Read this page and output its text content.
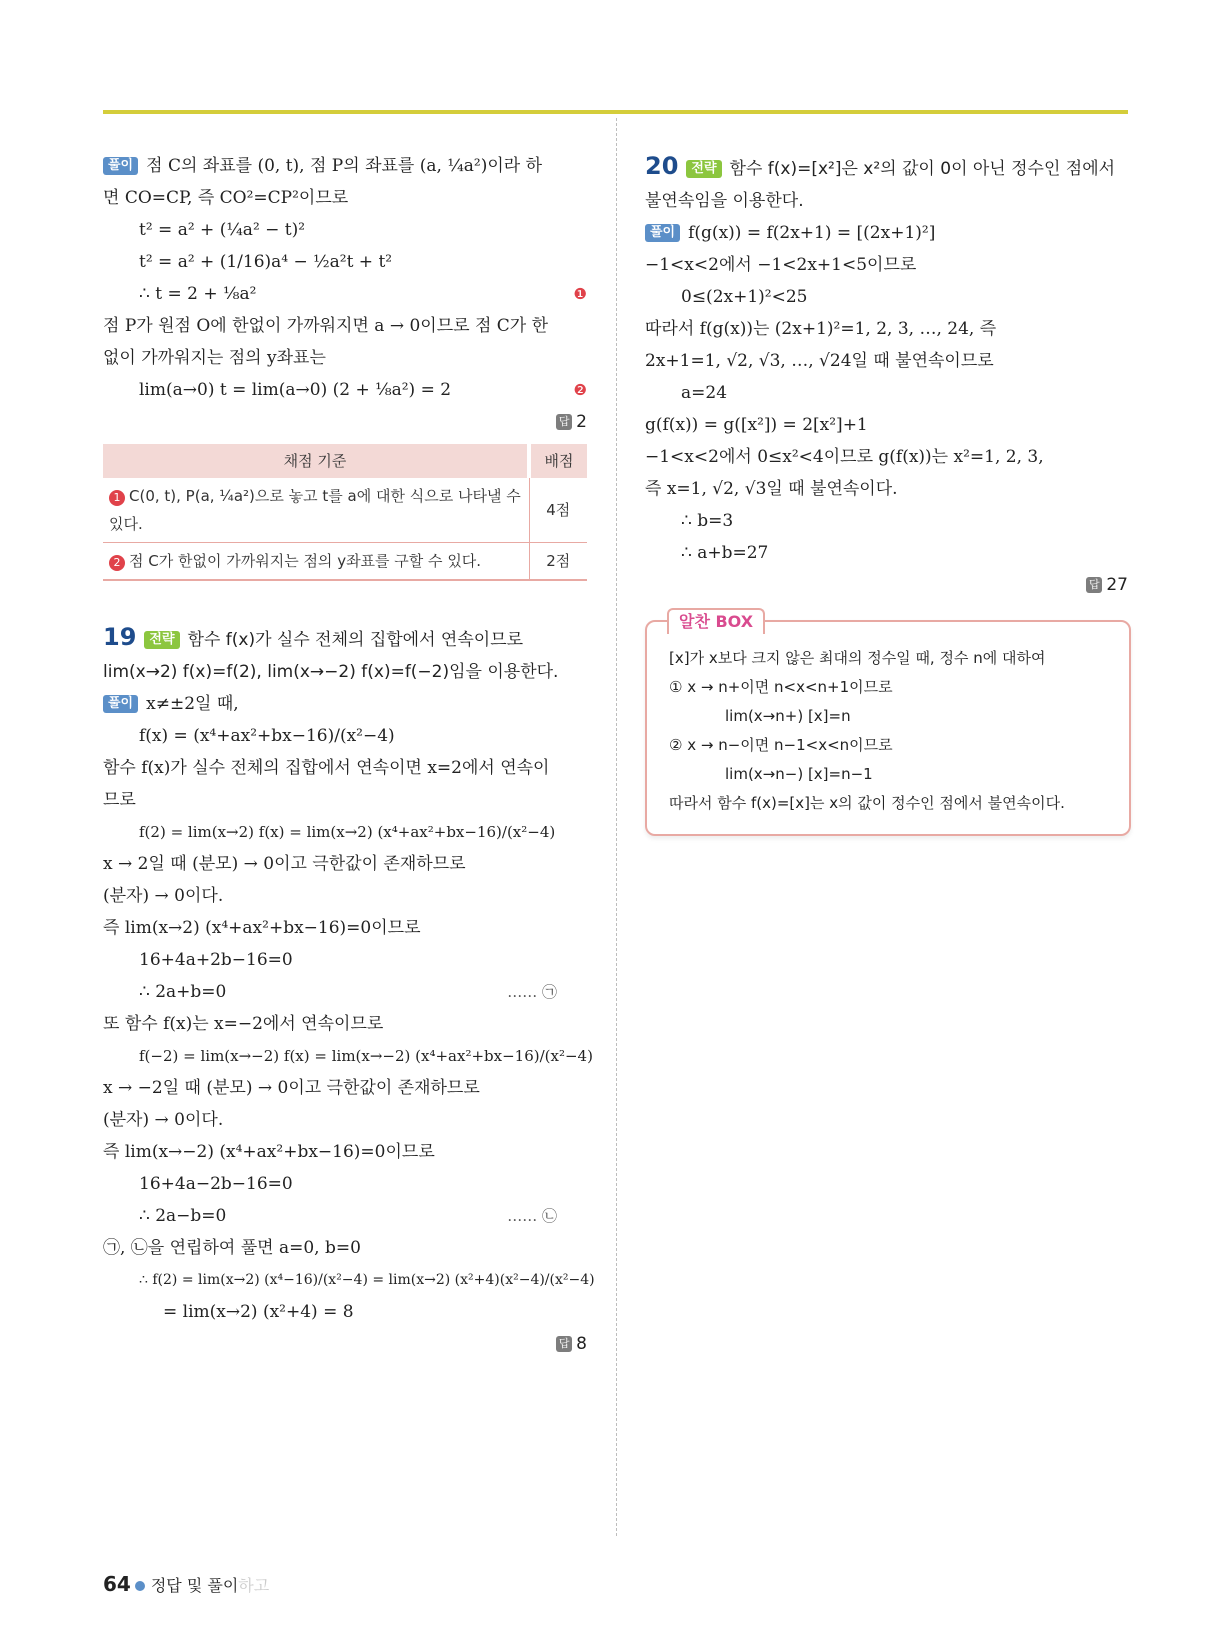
풀이 점 C의 좌표를 (0, t), 점 P의 좌표를 (a, ¼a²)이라 하
면 CO=CP, 즉 CO²=CP²이므로
t² = a² + (¼a² − t)²
t² = a² + (1/16)a⁴ − ½a²t + t²
∴ t = 2 + ⅛a²	❶
점 P가 원점 O에 한없이 가까워지면 a → 0이므로 점 C가 한
없이 가까워지는 점의 y좌표는
lim(a→0) t = lim(a→0) (2 + ⅛a²) = 2	❷
답 2
채점 기준	배점
1 C(0, t), P(a, ¼a²)으로 놓고 t를 a에 대한 식으로 나타낼 수 있다.	4점
2 점 C가 한없이 가까워지는 점의 y좌표를 구할 수 있다.	2점
19 전략 함수 f(x)가 실수 전체의 집합에서 연속이므로
lim(x→2) f(x)=f(2), lim(x→−2) f(x)=f(−2)임을 이용한다.
풀이 x≠±2일 때,
f(x) = (x⁴+ax²+bx−16)/(x²−4)
함수 f(x)가 실수 전체의 집합에서 연속이면 x=2에서 연속이
므로
f(2) = lim(x→2) f(x) = lim(x→2) (x⁴+ax²+bx−16)/(x²−4)
x → 2일 때 (분모) → 0이고 극한값이 존재하므로
(분자) → 0이다.
즉 lim(x→2) (x⁴+ax²+bx−16)=0이므로
16+4a+2b−16=0
∴ 2a+b=0	…… ㉠
또 함수 f(x)는 x=−2에서 연속이므로
f(−2) = lim(x→−2) f(x) = lim(x→−2) (x⁴+ax²+bx−16)/(x²−4)
x → −2일 때 (분모) → 0이고 극한값이 존재하므로
(분자) → 0이다.
즉 lim(x→−2) (x⁴+ax²+bx−16)=0이므로
16+4a−2b−16=0
∴ 2a−b=0	…… ㉡
㉠, ㉡을 연립하여 풀면 a=0, b=0
∴ f(2) = lim(x→2) (x⁴−16)/(x²−4) = lim(x→2) (x²+4)(x²−4)/(x²−4)
= lim(x→2) (x²+4) = 8
답 8
20 전략 함수 f(x)=[x²]은 x²의 값이 0이 아닌 정수인 점에서
불연속임을 이용한다.
풀이 f(g(x)) = f(2x+1) = [(2x+1)²]
−1<x<2에서 −1<2x+1<5이므로
0≤(2x+1)²<25
따라서 f(g(x))는 (2x+1)²=1, 2, 3, …, 24, 즉
2x+1=1, √2, √3, …, √24일 때 불연속이므로
a=24
g(f(x)) = g([x²]) = 2[x²]+1
−1<x<2에서 0≤x²<4이므로 g(f(x))는 x²=1, 2, 3,
즉 x=1, √2, √3일 때 불연속이다.
∴ b=3
∴ a+b=27
답 27
알찬 BOX
[x]가 x보다 크지 않은 최대의 정수일 때, 정수 n에 대하여
① x → n+이면 n<x<n+1이므로
lim(x→n+) [x]=n
② x → n−이면 n−1<x<n이므로
lim(x→n−) [x]=n−1
따라서 함수 f(x)=[x]는 x의 값이 정수인 점에서 불연속이다.
64 정답 및 풀이하고
